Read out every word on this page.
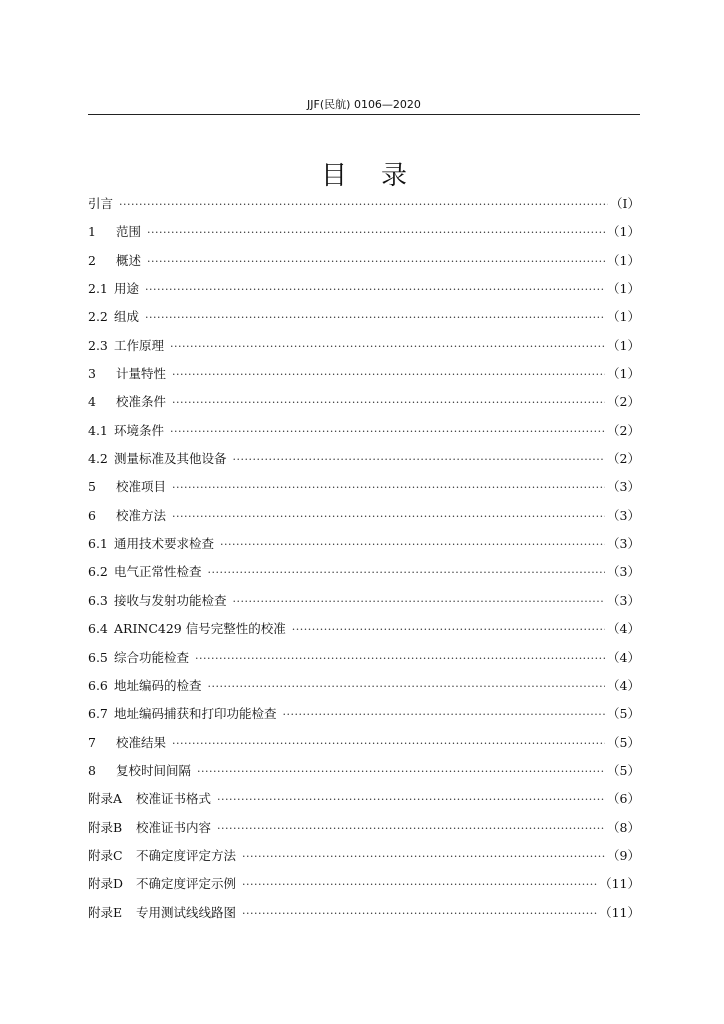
JJF(民航) 0106—2020
目录
引言 ·····	（Ⅰ）
1	范围 ·····	（1）
2	概述 ·····	（1）
2.1 用途 ·····	（1）
2.2 组成 ·····	（1）
2.3 工作原理 ·····	（1）
3	计量特性 ·····	（1）
4	校准条件 ·····	（2）
4.1 环境条件 ·····	（2）
4.2 测量标准及其他设备 ·····	（2）
5	校准项目 ·····	（3）
6	校准方法 ·····	（3）
6.1 通用技术要求检查 ·····	（3）
6.2 电气正常性检查 ·····	（3）
6.3 接收与发射功能检查 ·····	（3）
6.4 ARINC429 信号完整性的校准 ·····	（4）
6.5 综合功能检查 ·····	（4）
6.6 地址编码的检查 ·····	（4）
6.7 地址编码捕获和打印功能检查 ·····	（5）
7	校准结果 ·····	（5）
8	复校时间间隔 ·····	（5）
附录A	校准证书格式 ·····	（6）
附录B	校准证书内容 ·····	（8）
附录C	不确定度评定方法 ·····	（9）
附录D	不确定度评定示例 ·····	（11）
附录E	专用测试线线路图 ·····	（11）
